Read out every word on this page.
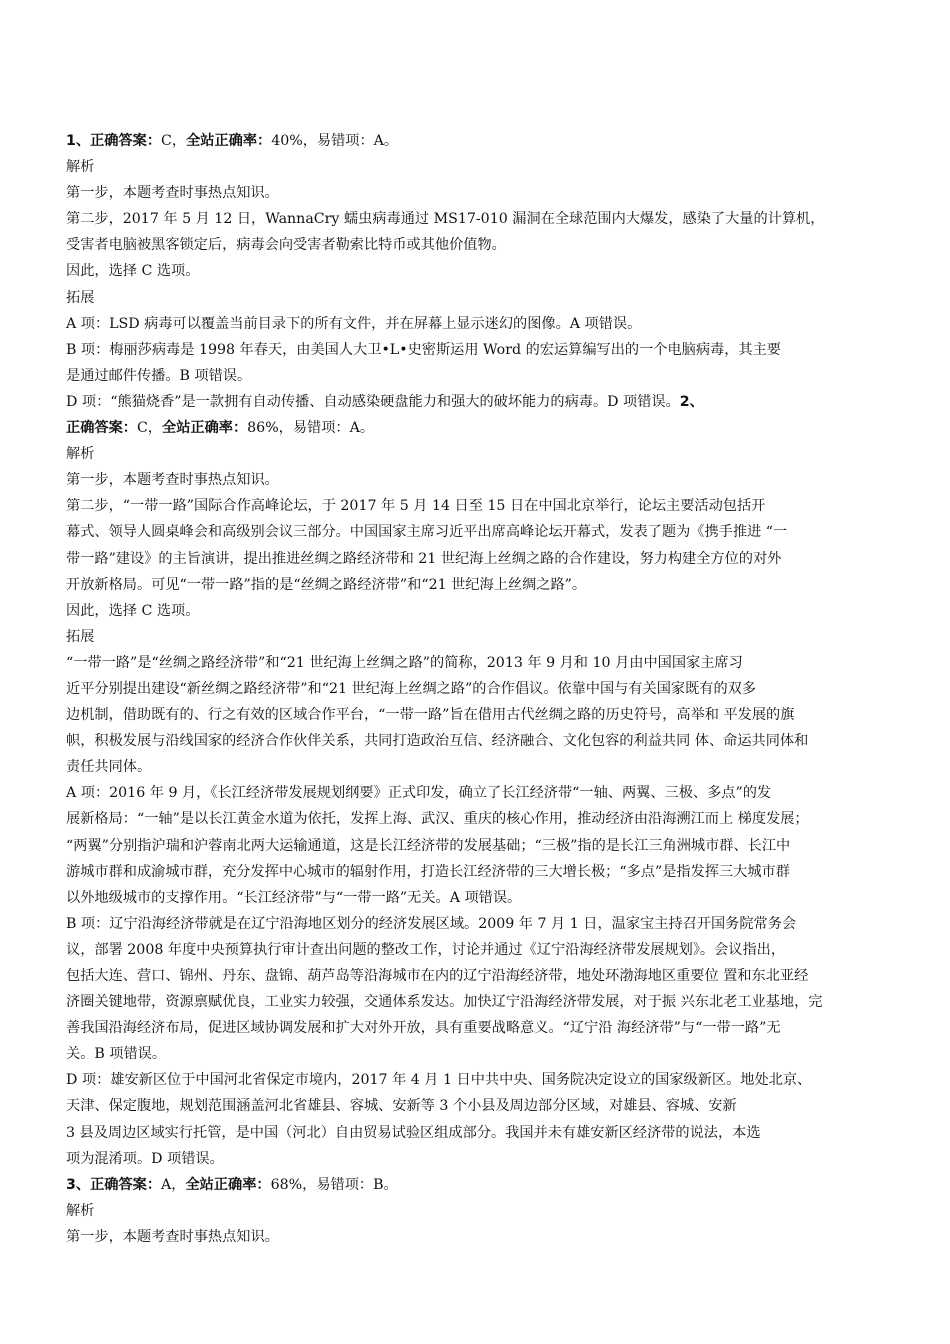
1、正确答案：C，全站正确率：40%，易错项：A。
解析
第一步，本题考查时事热点知识。
第二步，2017 年 5 月 12 日，WannaCry 蠕虫病毒通过 MS17-010 漏洞在全球范围内大爆发，感染了大量的计算机，
受害者电脑被黑客锁定后，病毒会向受害者勒索比特币或其他价值物。
因此，选择 C 选项。
拓展
A 项：LSD 病毒可以覆盖当前目录下的所有文件，并在屏幕上显示迷幻的图像。A 项错误。
B 项：梅丽莎病毒是 1998 年春天，由美国人大卫•L•史密斯运用 Word 的宏运算编写出的一个电脑病毒，其主要
是通过邮件传播。B 项错误。
D 项：“熊猫烧香”是一款拥有自动传播、自动感染硬盘能力和强大的破坏能力的病毒。D 项错误。2、
正确答案：C，全站正确率：86%，易错项：A。
解析
第一步，本题考查时事热点知识。
第二步，“一带一路”国际合作高峰论坛，于 2017 年 5 月 14 日至 15 日在中国北京举行，论坛主要活动包括开
幕式、领导人圆桌峰会和高级别会议三部分。中国国家主席习近平出席高峰论坛开幕式，发表了题为《携手推进 “一
带一路”建设》的主旨演讲，提出推进丝绸之路经济带和 21 世纪海上丝绸之路的合作建设，努力构建全方位的对外
开放新格局。可见“一带一路”指的是“丝绸之路经济带”和“21 世纪海上丝绸之路”。
因此，选择 C 选项。
拓展
“一带一路”是“丝绸之路经济带”和“21 世纪海上丝绸之路”的简称，2013 年 9 月和 10 月由中国国家主席习
近平分别提出建设“新丝绸之路经济带”和“21 世纪海上丝绸之路”的合作倡议。依靠中国与有关国家既有的双多
边机制，借助既有的、行之有效的区域合作平台，“一带一路”旨在借用古代丝绸之路的历史符号，高举和 平发展的旗
帜，积极发展与沿线国家的经济合作伙伴关系，共同打造政治互信、经济融合、文化包容的利益共同 体、命运共同体和
责任共同体。
A 项：2016 年 9 月，《长江经济带发展规划纲要》正式印发，确立了长江经济带“一轴、两翼、三极、多点”的发
展新格局：“一轴”是以长江黄金水道为依托，发挥上海、武汉、重庆的核心作用，推动经济由沿海溯江而上 梯度发展；
“两翼”分别指沪瑞和沪蓉南北两大运输通道，这是长江经济带的发展基础；“三极”指的是长江三角洲城市群、长江中
游城市群和成渝城市群，充分发挥中心城市的辐射作用，打造长江经济带的三大增长极；“多点”是指发挥三大城市群
以外地级城市的支撑作用。“长江经济带”与“一带一路”无关。A 项错误。
B 项：辽宁沿海经济带就是在辽宁沿海地区划分的经济发展区域。2009 年 7 月 1 日，温家宝主持召开国务院常务会
议，部署 2008 年度中央预算执行审计查出问题的整改工作，讨论并通过《辽宁沿海经济带发展规划》。会议指出，
包括大连、营口、锦州、丹东、盘锦、葫芦岛等沿海城市在内的辽宁沿海经济带，地处环渤海地区重要位 置和东北亚经
济圈关键地带，资源禀赋优良，工业实力较强，交通体系发达。加快辽宁沿海经济带发展，对于振 兴东北老工业基地，完
善我国沿海经济布局，促进区域协调发展和扩大对外开放，具有重要战略意义。“辽宁沿 海经济带”与“一带一路”无
关。B 项错误。
D 项：雄安新区位于中国河北省保定市境内，2017 年 4 月 1 日中共中央、国务院决定设立的国家级新区。地处北京、
天津、保定腹地，规划范围涵盖河北省雄县、容城、安新等 3 个小县及周边部分区域，对雄县、容城、安新
3 县及周边区域实行托管，是中国（河北）自由贸易试验区组成部分。我国并未有雄安新区经济带的说法，本选
项为混淆项。D 项错误。
3、正确答案：A，全站正确率：68%，易错项：B。
解析
第一步，本题考查时事热点知识。
